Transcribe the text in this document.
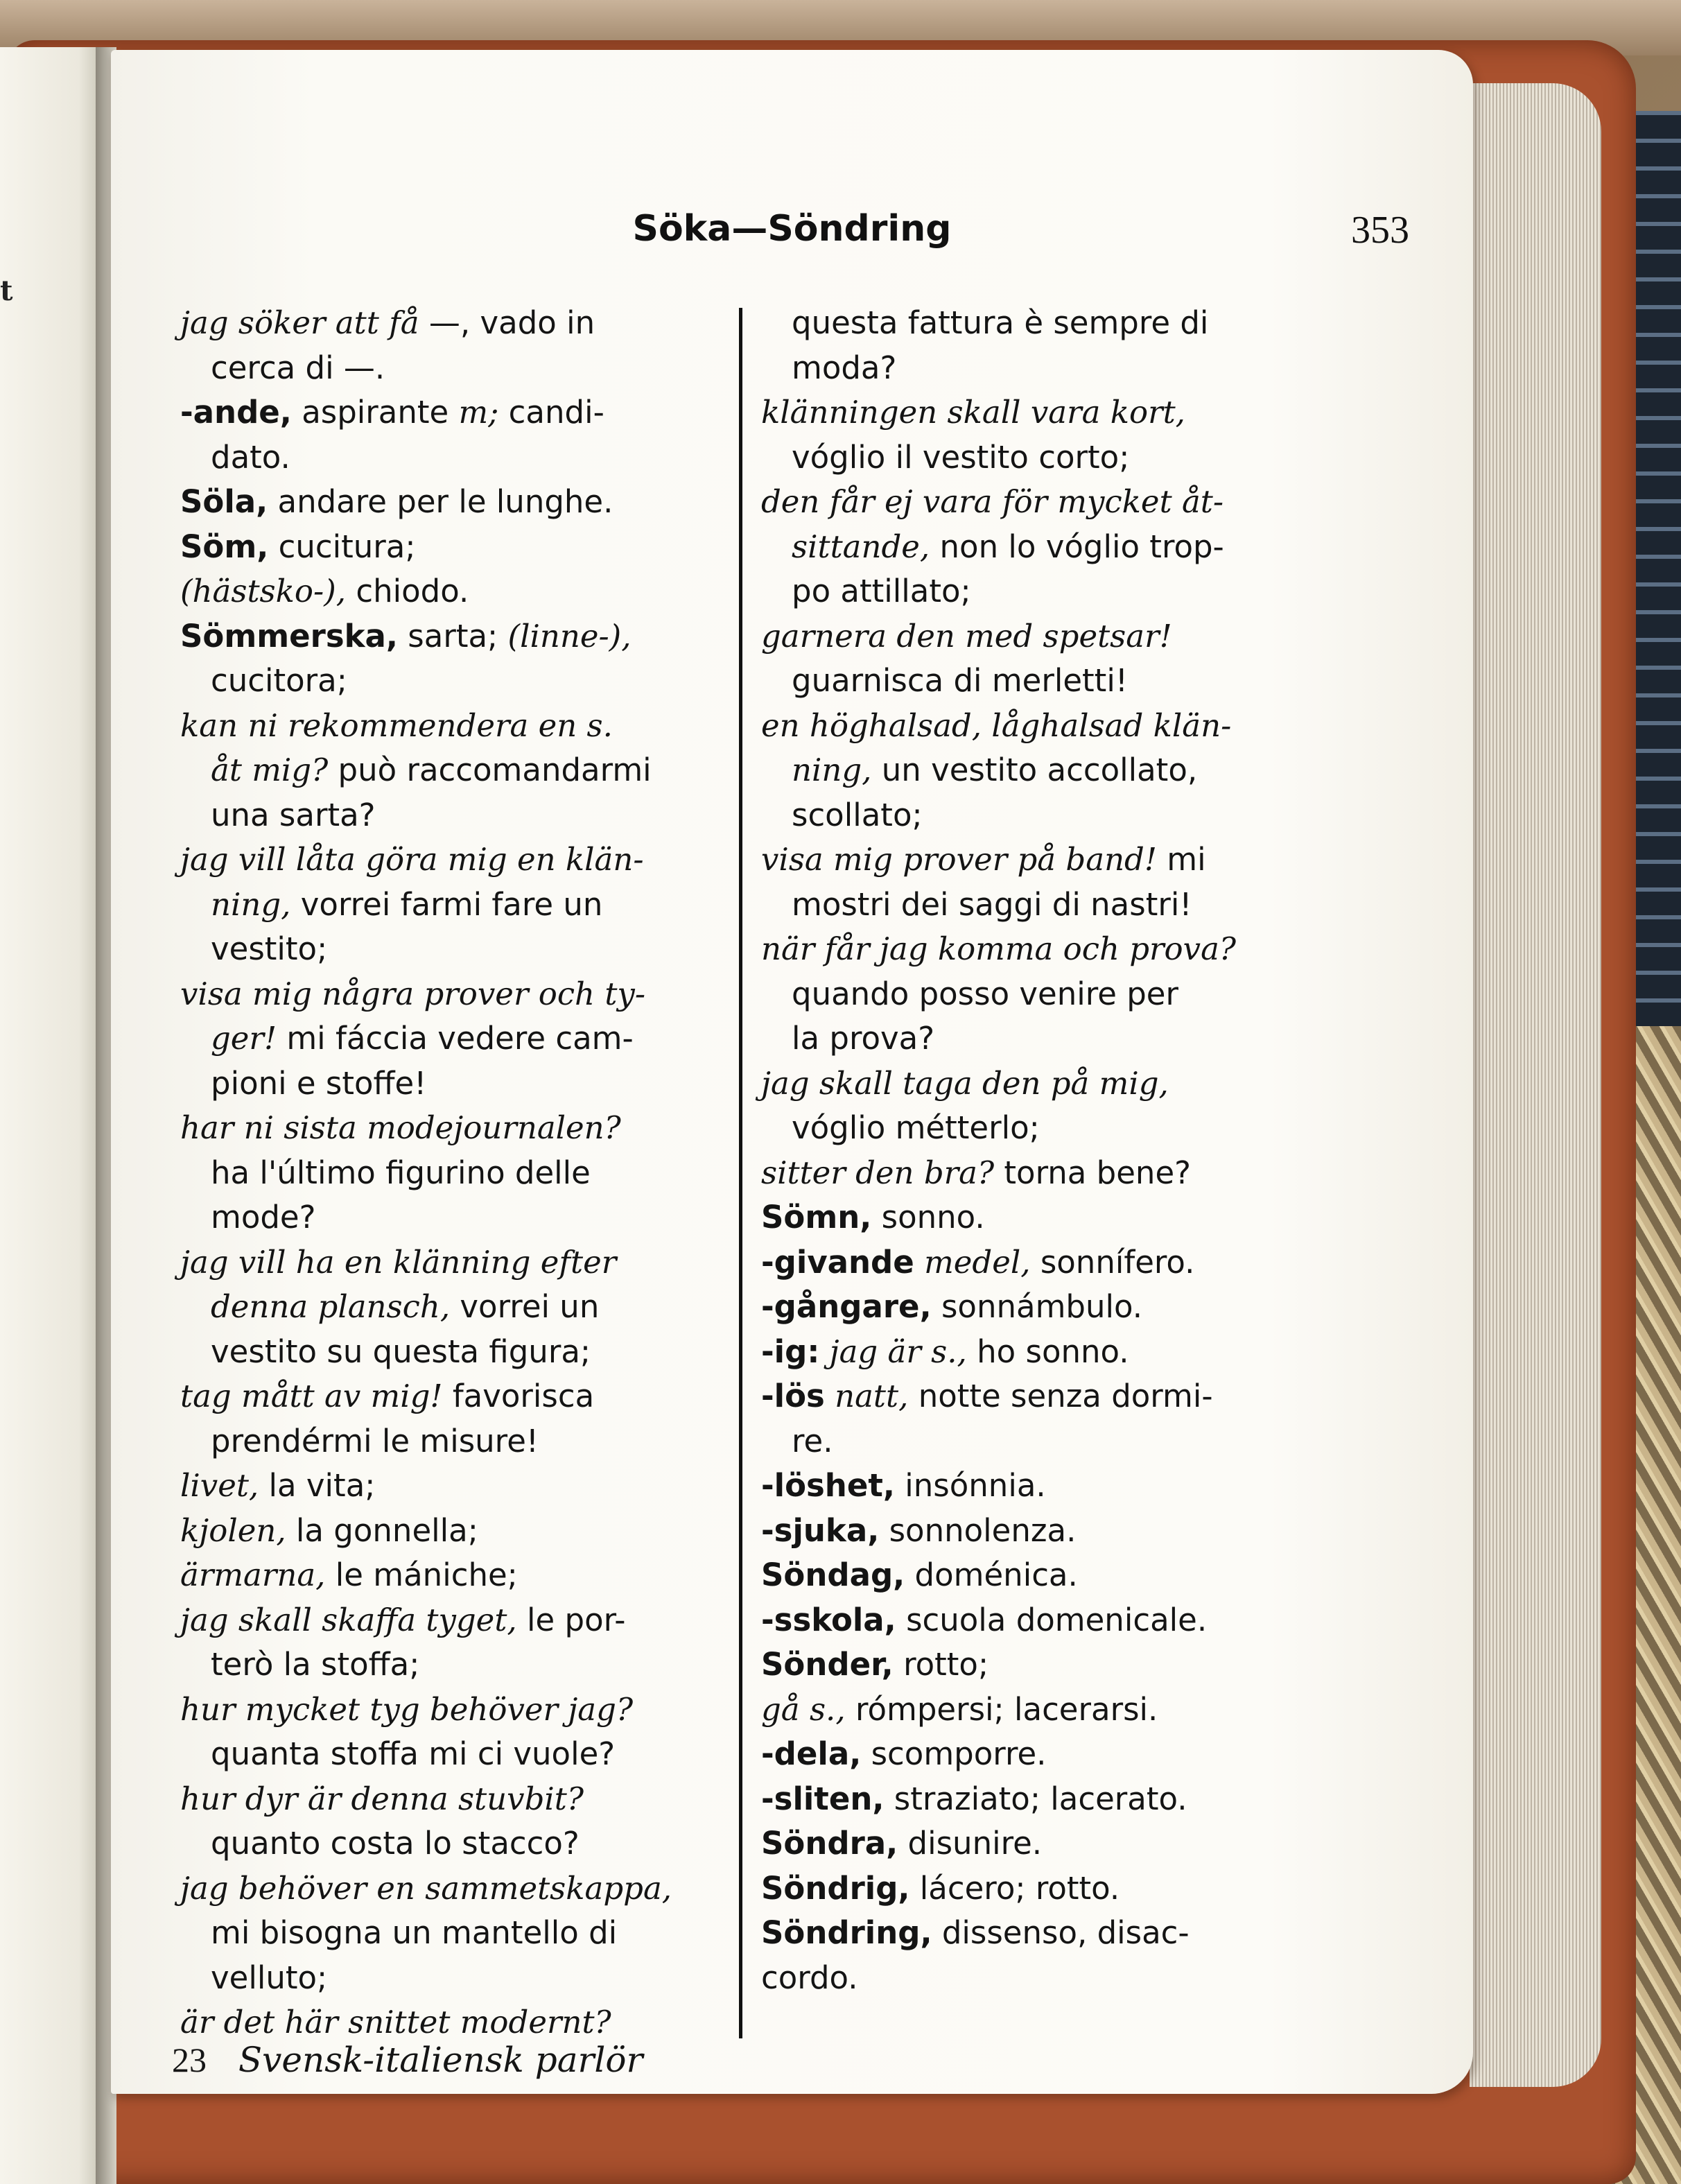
t
Söka—Söndring	353
jag söker att få —, vado in
cerca di —.
-ande, aspirante m; candi-
dato.
Söla, andare per le lunghe.
Söm, cucitura;
(hästsko-), chiodo.
Sömmerska, sarta; (linne-),
cucitora;
kan ni rekommendera en s.
åt mig? può raccomandarmi
una sarta?
jag vill låta göra mig en klän-
ning, vorrei farmi fare un
vestito;
visa mig några prover och ty-
ger! mi fáccia vedere cam-
pioni e stoffe!
har ni sista modejournalen?
ha l'último figurino delle
mode?
jag vill ha en klänning efter
denna plansch, vorrei un
vestito su questa figura;
tag mått av mig! favorisca
prendérmi le misure!
livet, la vita;
kjolen, la gonnella;
ärmarna, le mániche;
jag skall skaffa tyget, le por-
terò la stoffa;
hur mycket tyg behöver jag?
quanta stoffa mi ci vuole?
hur dyr är denna stuvbit?
quanto costa lo stacco?
jag behöver en sammetskappa,
mi bisogna un mantello di
velluto;
är det här snittet modernt?
questa fattura è sempre di
moda?
klänningen skall vara kort,
vóglio il vestito corto;
den får ej vara för mycket åt-
sittande, non lo vóglio trop-
po attillato;
garnera den med spetsar!
guarnisca di merletti!
en höghalsad, låghalsad klän-
ning, un vestito accollato,
scollato;
visa mig prover på band! mi
mostri dei saggi di nastri!
när får jag komma och prova?
quando posso venire per
la prova?
jag skall taga den på mig,
vóglio métterlo;
sitter den bra? torna bene?
Sömn, sonno.
-givande medel, sonnífero.
-gångare, sonnámbulo.
-ig: jag är s., ho sonno.
-lös natt, notte senza dormi-
re.
-löshet, insónnia.
-sjuka, sonnolenza.
Söndag, doménica.
-sskola, scuola domenicale.
Sönder, rotto;
gå s., rómpersi; lacerarsi.
-dela, scomporre.
-sliten, straziato; lacerato.
Söndra, disunire.
Söndrig, lácero; rotto.
Söndring, dissenso, disac-
cordo.
23 Svensk-italiensk parlör
